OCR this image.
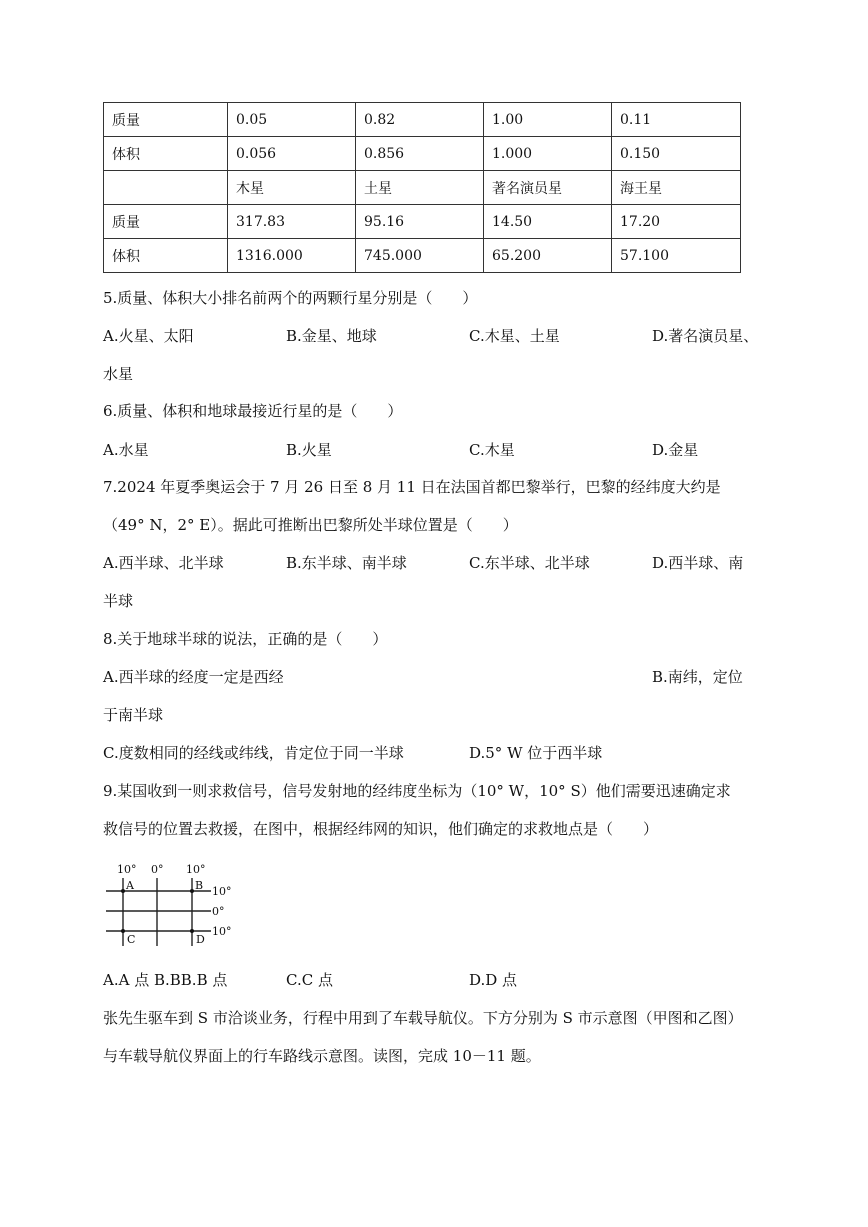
质量	0.05	0.82	1.00	0.11
体积	0.056	0.856	1.000	0.150
	木星	土星	著名演员星	海王星
质量	317.83	95.16	14.50	17.20
体积	1316.000	745.000	65.200	57.100
5.质量、体积大小排名前两个的两颗行星分别是（　　）
A.火星、太阳	B.金星、地球	C.木星、土星	D.著名演员星、
水星
6.质量、体积和地球最接近行星的是（　　）
A.水星	B.火星	C.木星	D.金星
7.2024 年夏季奥运会于 7 月 26 日至 8 月 11 日在法国首都巴黎举行，巴黎的经纬度大约是
（49° N，2° E）。据此可推断出巴黎所处半球位置是（　　）
A.西半球、北半球	B.东半球、南半球	C.东半球、北半球	D.西半球、南
半球
8.关于地球半球的说法，正确的是（　　）
A.西半球的经度一定是西经	B.南纬，定位
于南半球
C.度数相同的经线或纬线，肯定位于同一半球	D.5° W 位于西半球
9.某国收到一则求救信号，信号发射地的经纬度坐标为（10° W，10° S）他们需要迅速确定求
救信号的位置去救援，在图中，根据经纬网的知识，他们确定的求救地点是（　　）
10° 0° 10°
10°
0°
10°
A	B
C	D
A.A 点 B.BB.B 点	C.C 点	D.D 点
张先生驱车到 S 市洽谈业务，行程中用到了车载导航仪。下方分别为 S 市示意图（甲图和乙图）
与车载导航仪界面上的行车路线示意图。读图，完成 10－11 题。
